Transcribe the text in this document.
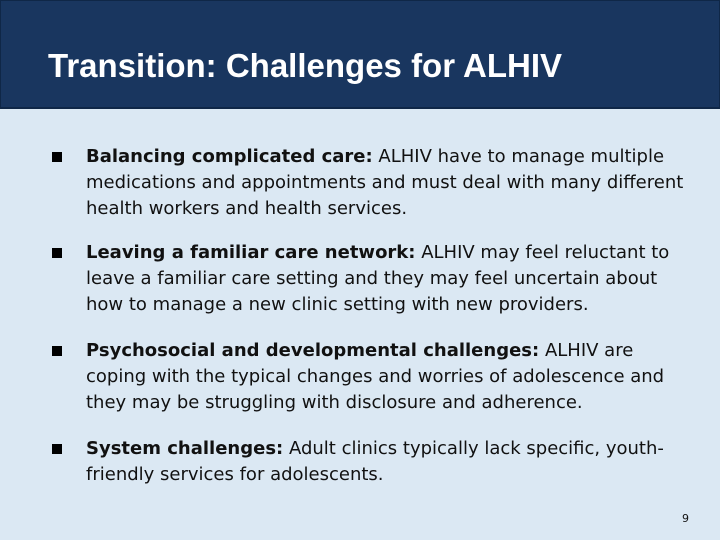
Transition: Challenges for ALHIV
Balancing complicated care: ALHIV have to manage multiple medications and appointments and must deal with many different health workers and health services.
Leaving a familiar care network: ALHIV may feel reluctant to leave a familiar care setting and they may feel uncertain about how to manage a new clinic setting with new providers.
Psychosocial and developmental challenges: ALHIV are coping with the typical changes and worries of adolescence and they may be struggling with disclosure and adherence.
System challenges: Adult clinics typically lack specific, youth-friendly services for adolescents.
9
